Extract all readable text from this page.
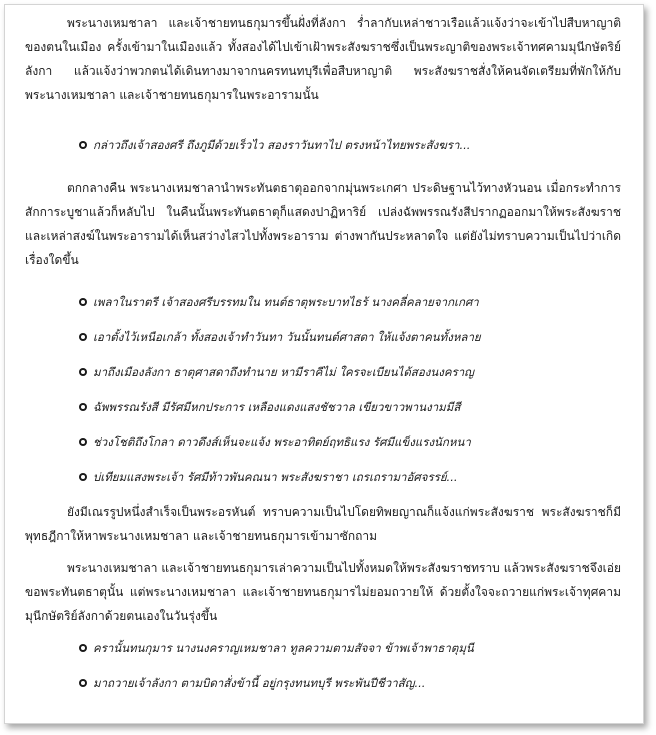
พระนางเหมชาลา และเจ้าชายทนธกุมารขึ้นฝั่งที่ลังกา รํ่าลากับเหล่าชาวเรือแล้วแจ้งว่าจะเข้าไปสืบหาญาติของตนในเมือง ครั้งเข้ามาในเมืองแล้ว ทั้งสองได้ไปเข้าเฝ้าพระสังฆราชซึ่งเป็นพระญาติของพระเจ้าทศคามมุนีกษัตริย์ลังกา แล้วแจ้งว่าพวกตนได้เดินทางมาจากนครทนทบุรีเพื่อสืบหาญาติ พระสังฆราชสั่งให้คนจัดเตรียมที่พักให้กับพระนางเหมชาลา และเจ้าชายทนธกุมารในพระอารามนั้น

กล่าวถึงเจ้าสองศรี ถึงภูมีด้วยเร็วไว สองราวันทาไป ตรงหน้าไทยพระสังฆรา...

ตกกลางคืน พระนางเหมชาลานำพระทันตธาตุออกจากมุ่นพระเกศา ประดิษฐานไว้ทางหัวนอน เมื่อกระทำการสักการะบูชาแล้วก็หลับไป ในคืนนั้นพระทันตธาตุก็แสดงปาฏิหาริย์ เปล่งฉัพพรรณรังสีปรากฏออกมาให้พระสังฆราช และเหล่าสงฆ์ในพระอารามได้เห็นสว่างไสวไปทั้งพระอาราม ต่างพากันประหลาดใจ แต่ยังไม่ทราบความเป็นไปว่าเกิดเรื่องใดขึ้น

เพลาในราตรี เจ้าสองศรีบรรทมใน ทนต์ธาตุพระบาทไธร้ นางคลี่คลายจากเกศา
เอาตั้งไว้เหนือเกล้า ทั้งสองเจ้าทำวันทา วันนั้นทนต์ศาสดา ให้แจ้งตาคนทั้งหลาย
มาถึงเมืองลังกา ธาตุศาสดาถึงทำนาย หามีราคีไม่ ใครจะเบียนได้สองนงคราญ
ฉัพพรรณรังสี มีรัศมีหกประการ เหลืองแดงแสงชัชวาล เขียวขาวพานงามมีสี
ช่วงโชติถึงโกลา ดาวดึงส์เห็นจะแจ้ง พระอาทิตย์ฤทธิแรง รัศมีแข็งแรงนักหนา
บ่เทียมแสงพระเจ้า รัศมีท้าวพันคณนา พระสังฆราชา เถรเถรามาอัศจรรย์...

ยังมีเณรรูปหนึ่งสำเร็จเป็นพระอรหันต์ ทราบความเป็นไปโดยทิพยญาณก็แจ้งแก่พระสังฆราช พระสังฆราชก็มีพุทธฎีกาให้หาพระนางเหมชาลา และเจ้าชายทนธกุมารเข้ามาซักถาม

พระนางเหมชาลา และเจ้าชายทนธกุมารเล่าความเป็นไปทั้งหมดให้พระสังฆราชทราบ แล้วพระสังฆราชจึงเอ่ยขอพระทันตธาตุนั้น แต่พระนางเหมชาลา และเจ้าชายทนธกุมารไม่ยอมถวายให้ ด้วยตั้งใจจะถวายแก่พระเจ้าทุศคามมุนีกษัตริย์ลังกาด้วยตนเองในวันรุ่งขึ้น

ครานั้นทนกุมาร นางนงคราญเหมชาลา ทูลความตามสัจจา ข้าพเจ้าพาธาตุมุนี
มาถวายเจ้าลังกา ตามบิดาสั่งข้านี้ อยู่กรุงทนทบุรี พระพันปีชีวาสัญ...
